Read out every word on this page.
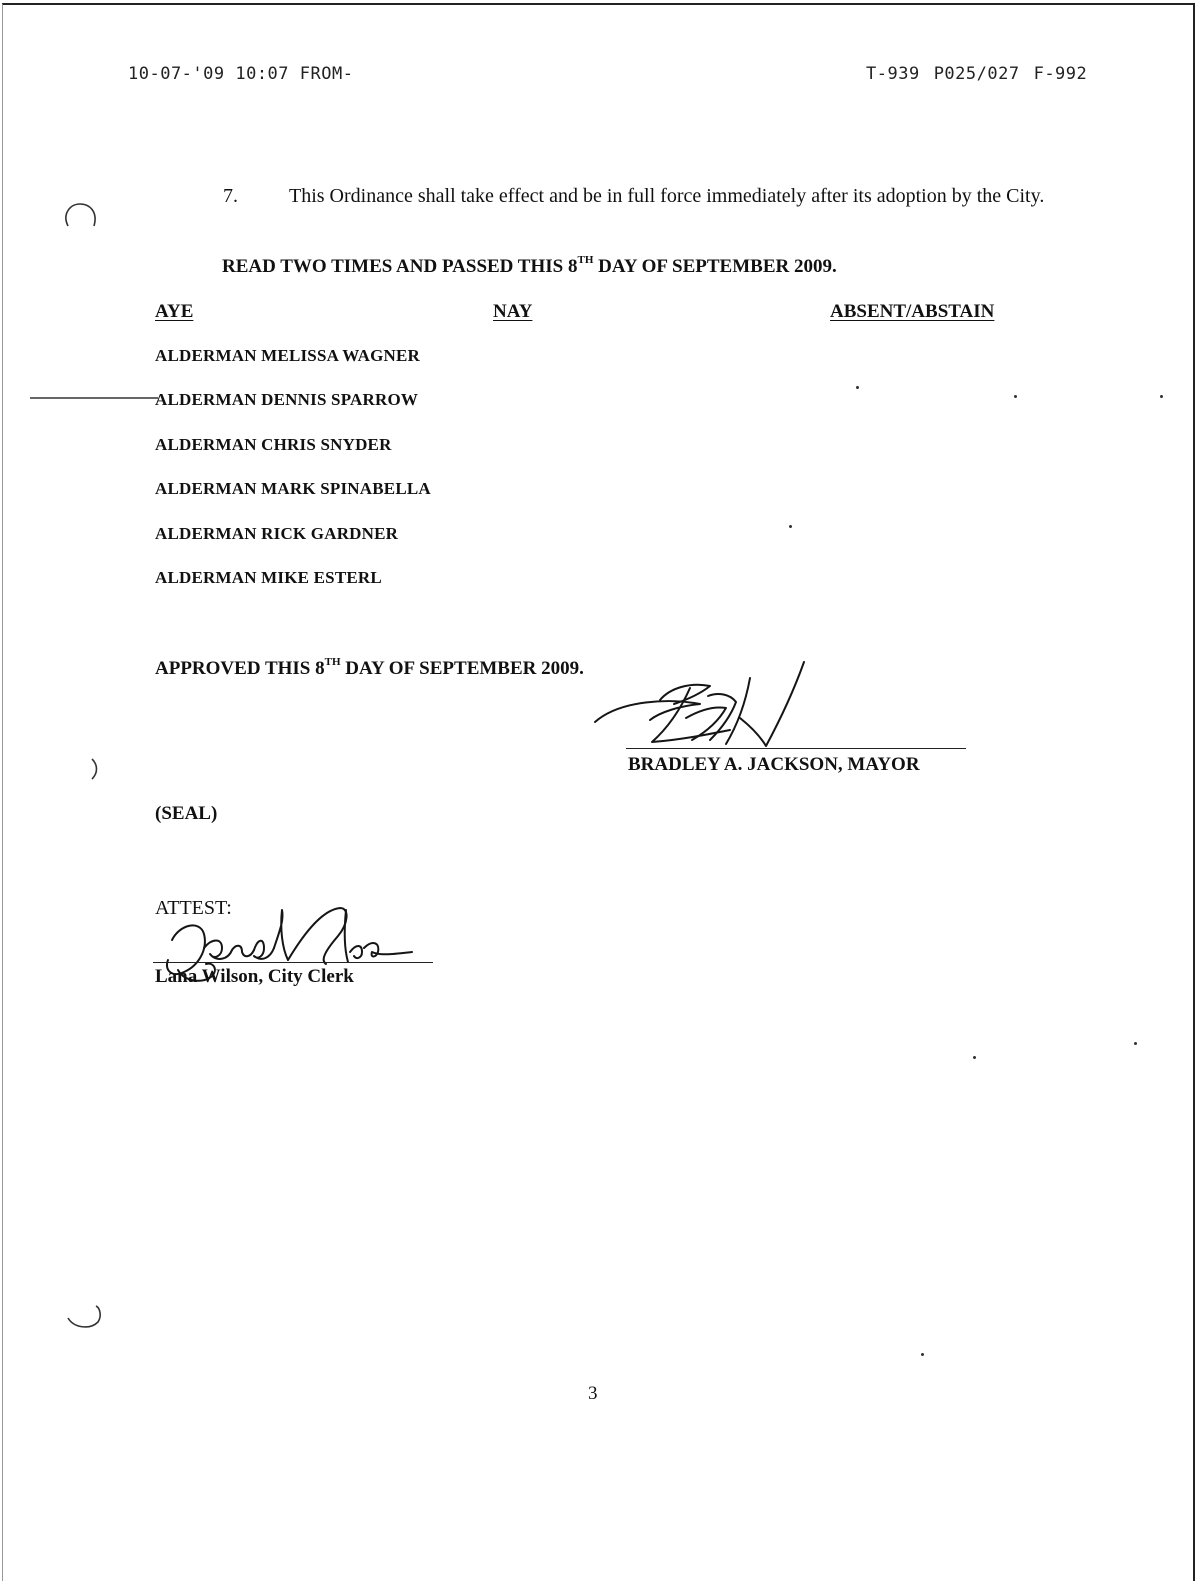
10-07-'09 10:07 FROM-	T-939 P025/027 F-992
7.	This Ordinance shall take effect and be in full force immediately after its adoption by the City.
READ TWO TIMES AND PASSED THIS 8TH DAY OF SEPTEMBER 2009.
AYE	NAY	ABSENT/ABSTAIN
ALDERMAN MELISSA WAGNER
ALDERMAN DENNIS SPARROW
ALDERMAN CHRIS SNYDER
ALDERMAN MARK SPINABELLA
ALDERMAN RICK GARDNER
ALDERMAN MIKE ESTERL
APPROVED THIS 8TH DAY OF SEPTEMBER 2009.
BRADLEY A. JACKSON, MAYOR
(SEAL)
ATTEST:
Lana Wilson, City Clerk
3
